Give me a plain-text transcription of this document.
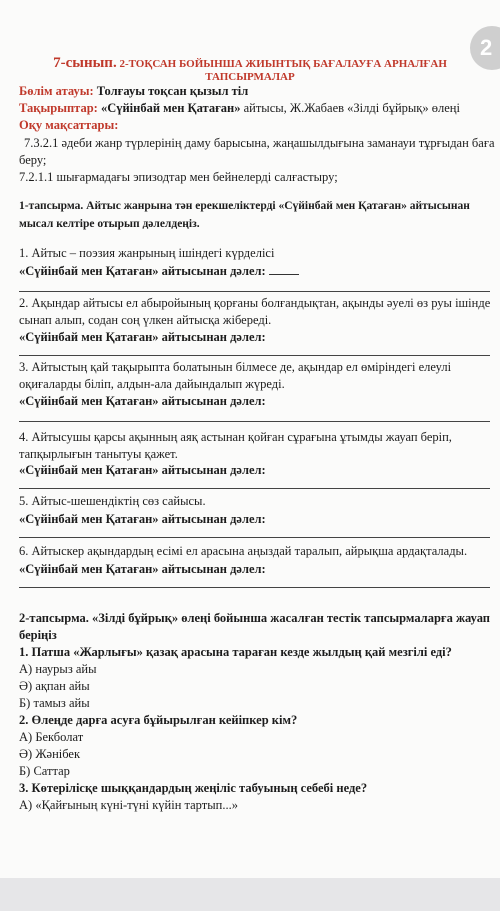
2
7-сынып. 2-ТОҚСАН БОЙЫНША ЖИЫНТЫҚ БАҒАЛАУҒА АРНАЛҒАН
ТАПСЫРМАЛАР
Бөлім атауы: Толғауы тоқсан қызыл тіл
Тақырыптар: «Сүйінбай мен Қатаған» айтысы, Ж.Жабаев «Зілді бұйрық» өлеңі
Оқу мақсаттары:
7.3.2.1 әдеби жанр түрлерінің даму барысына, жаңашылдығына заманауи тұрғыдан баға
беру;
7.2.1.1 шығармадағы эпизодтар мен бейнелерді салғастыру;
1-тапсырма. Айтыс жанрына тән ерекшеліктерді «Сүйінбай мен Қатаған» айтысынан
мысал келтіре отырып дәлелдеңіз.
1. Айтыс – поэзия жанрының ішіндегі күрделісі
«Сүйінбай мен Қатаған» айтысынан дәлел:
2. Ақындар айтысы ел абыройының қорғаны болғандықтан, ақынды әуелі өз руы ішінде
сынап алып, содан соң үлкен айтысқа жібереді.
«Сүйінбай мен Қатаған» айтысынан дәлел:
3. Айтыстың қай тақырыпта болатынын білмесе де, ақындар ел өміріндегі елеулі
оқиғаларды біліп, алдын-ала дайындалып жүреді.
«Сүйінбай мен Қатаған» айтысынан дәлел:
4. Айтысушы қарсы ақынның аяқ астынан қойған сұрағына ұтымды жауап беріп,
тапқырлығын танытуы қажет.
«Сүйінбай мен Қатаған» айтысынан дәлел:
5. Айтыс-шешендіктің сөз сайысы.
«Сүйінбай мен Қатаған» айтысынан дәлел:
6. Айтыскер ақындардың есімі ел арасына аңыздай таралып, айрықша ардақталады.
«Сүйінбай мен Қатаған» айтысынан дәлел:
2-тапсырма. «Зілді бұйрық» өлеңі бойынша жасалған тестік тапсырмаларға жауап
беріңіз
1. Патша «Жарлығы» қазақ арасына тараған кезде жылдың қай мезгілі еді?
А) наурыз айы
Ә) ақпан айы
Б) тамыз айы
2. Өлеңде дарға асуға бұйырылған кейіпкер кім?
А) Бекболат
Ә) Жәнібек
Б) Саттар
3. Көтерілісқе шыққандардың жеңіліс табуының себебі неде?
А) «Қайғының күні-түні күйін тартып...»
